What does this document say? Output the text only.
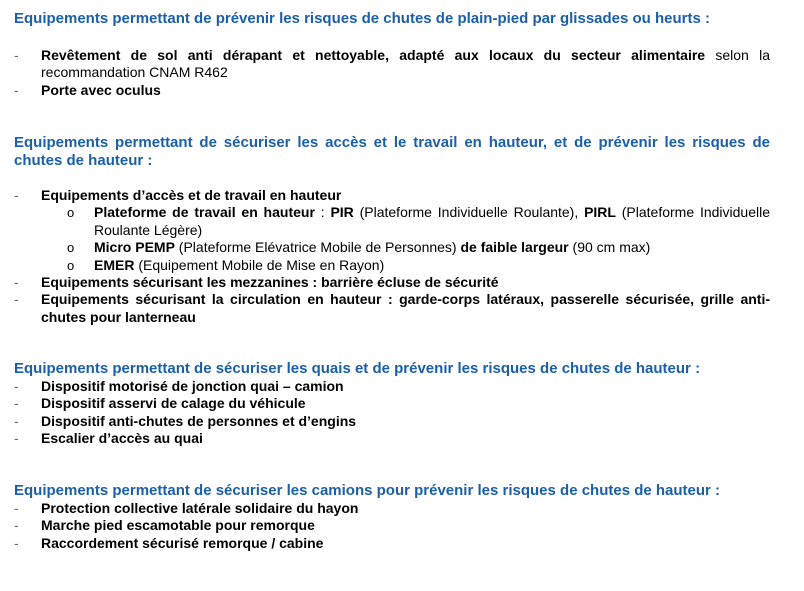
Equipements permettant de prévenir les risques de chutes de plain-pied par glissades ou heurts :

- Revêtement de sol anti dérapant et nettoyable, adapté aux locaux du secteur alimentaire selon la recommandation CNAM R462
- Porte avec oculus

Equipements permettant de sécuriser les accès et le travail en hauteur, et de prévenir les risques de chutes de hauteur :

- Equipements d’accès et de travail en hauteur
o Plateforme de travail en hauteur : PIR (Plateforme Individuelle Roulante), PIRL (Plateforme Individuelle Roulante Légère)
o Micro PEMP (Plateforme Elévatrice Mobile de Personnes) de faible largeur (90 cm max)
o EMER (Equipement Mobile de Mise en Rayon)
- Equipements sécurisant les mezzanines : barrière écluse de sécurité
- Equipements sécurisant la circulation en hauteur : garde-corps latéraux, passerelle sécurisée, grille anti-chutes pour lanterneau

Equipements permettant de sécuriser les quais et de prévenir les risques de chutes de hauteur :

- Dispositif motorisé de jonction quai – camion
- Dispositif asservi de calage du véhicule
- Dispositif anti-chutes de personnes et d’engins
- Escalier d’accès au quai

Equipements permettant de sécuriser les camions pour prévenir les risques de chutes de hauteur :

- Protection collective latérale solidaire du hayon
- Marche pied escamotable pour remorque
- Raccordement sécurisé remorque / cabine
